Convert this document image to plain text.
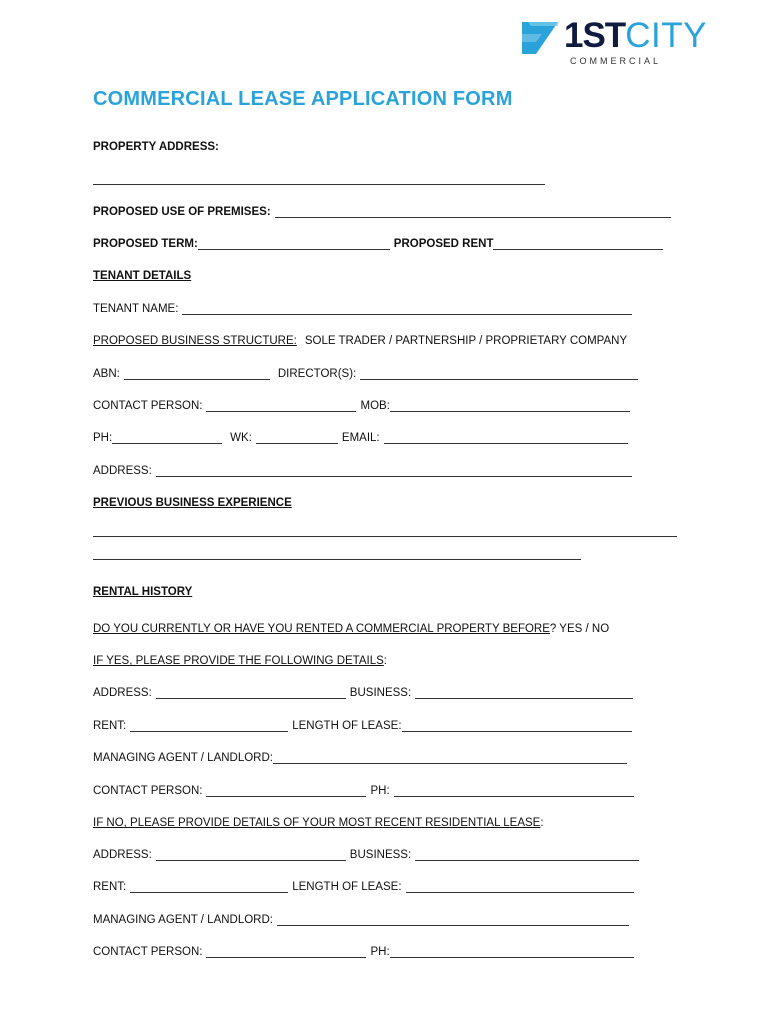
1STCITY
COMMERCIAL
COMMERCIAL LEASE APPLICATION FORM
PROPERTY ADDRESS:
PROPOSED USE OF PREMISES:
PROPOSED TERM:	PROPOSED RENT
TENANT DETAILS
TENANT NAME:
PROPOSED BUSINESS STRUCTURE: SOLE TRADER / PARTNERSHIP / PROPRIETARY COMPANY
ABN:	DIRECTOR(S):
CONTACT PERSON:	MOB:
PH:	WK:	EMAIL:
ADDRESS:
PREVIOUS BUSINESS EXPERIENCE
RENTAL HISTORY
DO YOU CURRENTLY OR HAVE YOU RENTED A COMMERCIAL PROPERTY BEFORE ? YES / NO
IF YES, PLEASE PROVIDE THE FOLLOWING DETAILS :
ADDRESS:	BUSINESS:
RENT:	LENGTH OF LEASE:
MANAGING AGENT / LANDLORD:
CONTACT PERSON:	PH:
IF NO, PLEASE PROVIDE DETAILS OF YOUR MOST RECENT RESIDENTIAL LEASE :
ADDRESS:	BUSINESS:
RENT:	LENGTH OF LEASE:
MANAGING AGENT / LANDLORD:
CONTACT PERSON:	PH:
